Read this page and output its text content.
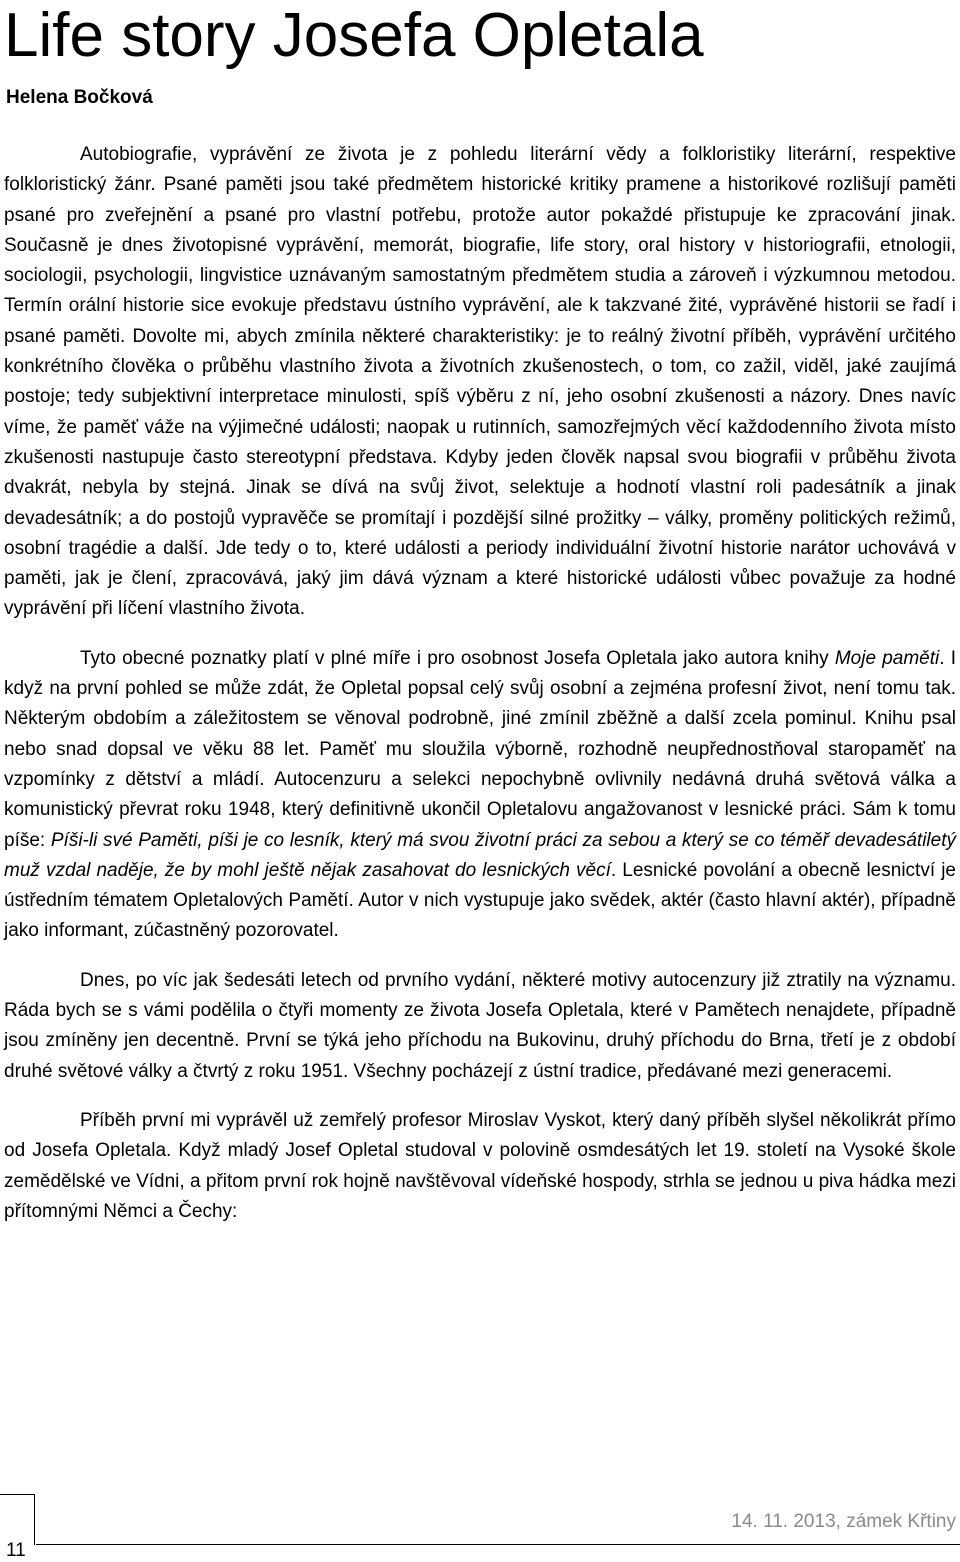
Life story Josefa Opletala
Helena Bočková

Autobiografie, vyprávění ze života je z pohledu literární vědy a folkloristiky literární, respektive folkloristický žánr. Psané paměti jsou také předmětem historické kritiky pramene a historikové rozlišují paměti psané pro zveřejnění a psané pro vlastní potřebu, protože autor pokaždé přistupuje ke zpracování jinak. Současně je dnes životopisné vyprávění, memorát, biografie, life story, oral history v historiografii, etnologii, sociologii, psychologii, lingvistice uznávaným samostatným předmětem studia a zároveň i výzkumnou metodou. Termín orální historie sice evokuje představu ústního vyprávění, ale k takzvané žité, vyprávěné historii se řadí i psané paměti. Dovolte mi, abych zmínila některé charakteristiky: je to reálný životní příběh, vyprávění určitého konkrétního člověka o průběhu vlastního života a životních zkušenostech, o tom, co zažil, viděl, jaké zaujímá postoje; tedy subjektivní interpretace minulosti, spíš výběru z ní, jeho osobní zkušenosti a názory. Dnes navíc víme, že paměť váže na výjimečné události; naopak u rutinních, samozřejmých věcí každodenního života místo zkušenosti nastupuje často stereotypní představa. Kdyby jeden člověk napsal svou biografii v průběhu života dvakrát, nebyla by stejná. Jinak se dívá na svůj život, selektuje a hodnotí vlastní roli padesátník a jinak devadesátník; a do postojů vypravěče se promítají i pozdější silné prožitky – války, proměny politických režimů, osobní tragédie a další. Jde tedy o to, které události a periody individuální životní historie narátor uchovává v paměti, jak je člení, zpracovává, jaký jim dává význam a které historické události vůbec považuje za hodné vyprávění při líčení vlastního života.

Tyto obecné poznatky platí v plné míře i pro osobnost Josefa Opletala jako autora knihy Moje paměti. I když na první pohled se může zdát, že Opletal popsal celý svůj osobní a zejména profesní život, není tomu tak. Některým obdobím a záležitostem se věnoval podrobně, jiné zmínil zběžně a další zcela pominul. Knihu psal nebo snad dopsal ve věku 88 let. Paměť mu sloužila výborně, rozhodně neupřednostňoval staropaměť na vzpomínky z dětství a mládí. Autocenzuru a selekci nepochybně ovlivnily nedávná druhá světová válka a komunistický převrat roku 1948, který definitivně ukončil Opletalovu angažovanost v lesnické práci. Sám k tomu píše: Píši-li své Paměti, píši je co lesník, který má svou životní práci za sebou a který se co téměř devadesátiletý muž vzdal naděje, že by mohl ještě nějak zasahovat do lesnických věcí. Lesnické povolání a obecně lesnictví je ústředním tématem Opletalových Pamětí. Autor v nich vystupuje jako svědek, aktér (často hlavní aktér), případně jako informant, zúčastněný pozorovatel.

Dnes, po víc jak šedesáti letech od prvního vydání, některé motivy autocenzury již ztratily na významu. Ráda bych se s vámi podělila o čtyři momenty ze života Josefa Opletala, které v Pamětech nenajdete, případně jsou zmíněny jen decentně. První se týká jeho příchodu na Bukovinu, druhý příchodu do Brna, třetí je z období druhé světové války a čtvrtý z roku 1951. Všechny pocházejí z ústní tradice, předávané mezi generacemi.

Příběh první mi vyprávěl už zemřelý profesor Miroslav Vyskot, který daný příběh slyšel několikrát přímo od Josefa Opletala. Když mladý Josef Opletal studoval v polovině osmdesátých let 19. století na Vysoké škole zemědělské ve Vídni, a přitom první rok hojně navštěvoval vídeňské hospody, strhla se jednou u piva hádka mezi přítomnými Němci a Čechy:

11
14. 11. 2013, zámek Křtiny
